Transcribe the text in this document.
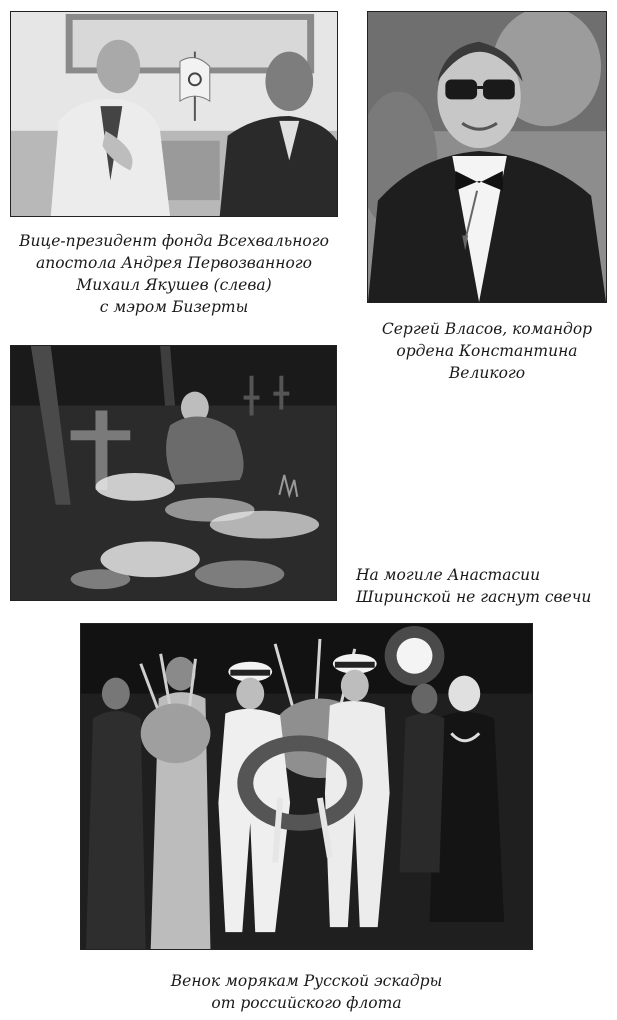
Вице-президент фонда Всехвального
апостола Андрея Первозванного
Михаил Якушев (слева)
с мэром Бизерты
Сергей Власов, командор
ордена Константина
Великого
На могиле Анастасии
Ширинской не гаснут свечи
Венок морякам Русской эскадры
от российского флота
